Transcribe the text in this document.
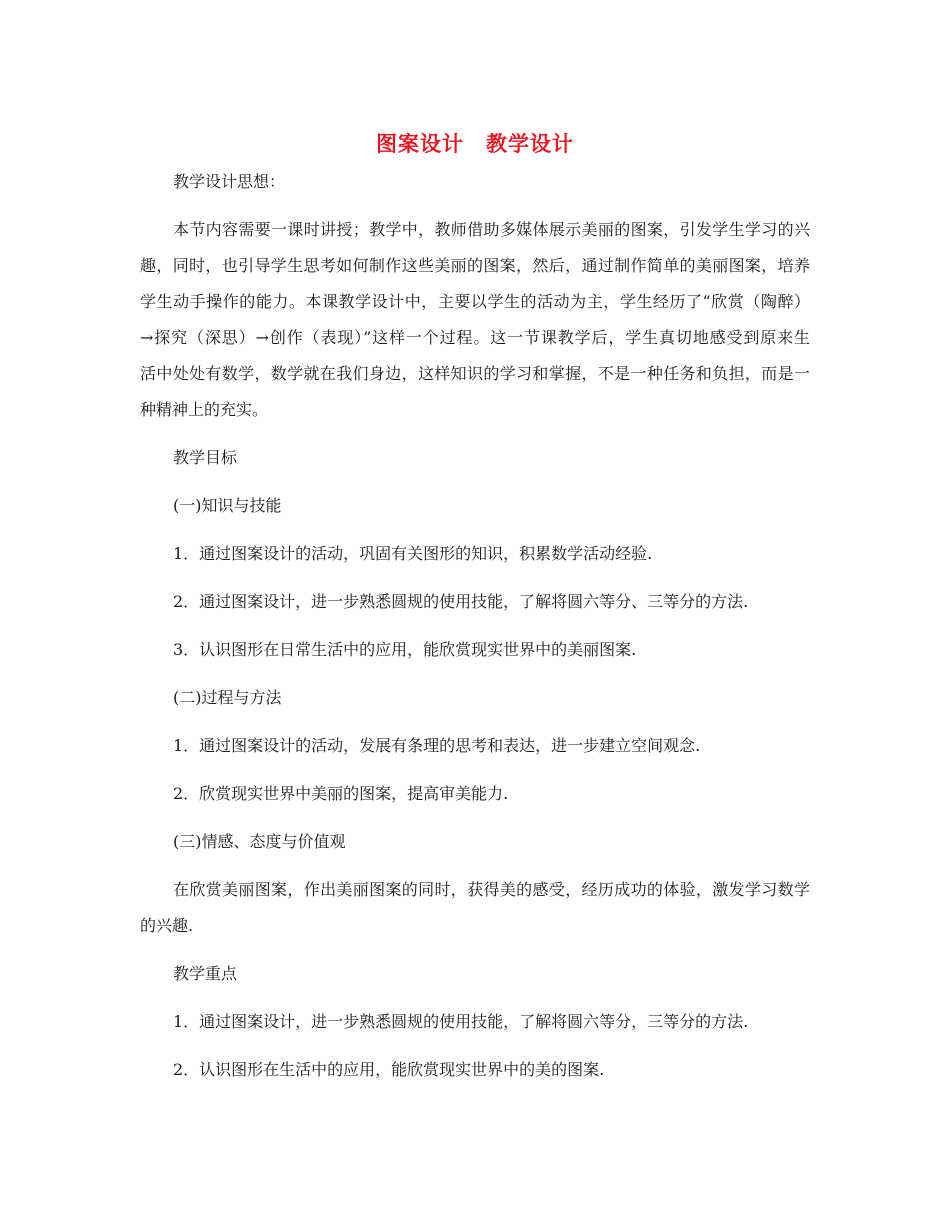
图案设计　教学设计
教学设计思想：
本节内容需要一课时讲授；教学中，教师借助多媒体展示美丽的图案，引发学生学习的兴
趣，同时，也引导学生思考如何制作这些美丽的图案，然后，通过制作简单的美丽图案，培养
学生动手操作的能力。本课教学设计中，主要以学生的活动为主，学生经历了“欣赏（陶醉）
→探究（深思）→创作（表现）”这样一个过程。这一节课教学后，学生真切地感受到原来生
活中处处有数学，数学就在我们身边，这样知识的学习和掌握，不是一种任务和负担，而是一
种精神上的充实。
教学目标
(一)知识与技能
1．通过图案设计的活动，巩固有关图形的知识，积累数学活动经验.
2．通过图案设计，进一步熟悉圆规的使用技能，了解将圆六等分、三等分的方法.
3．认识图形在日常生活中的应用，能欣赏现实世界中的美丽图案.
(二)过程与方法
1．通过图案设计的活动，发展有条理的思考和表达，进一步建立空间观念.
2．欣赏现实世界中美丽的图案，提高审美能力.
(三)情感、态度与价值观
在欣赏美丽图案，作出美丽图案的同时，获得美的感受，经历成功的体验，激发学习数学
的兴趣.
教学重点
1．通过图案设计，进一步熟悉圆规的使用技能，了解将圆六等分，三等分的方法.
2．认识图形在生活中的应用，能欣赏现实世界中的美的图案.
